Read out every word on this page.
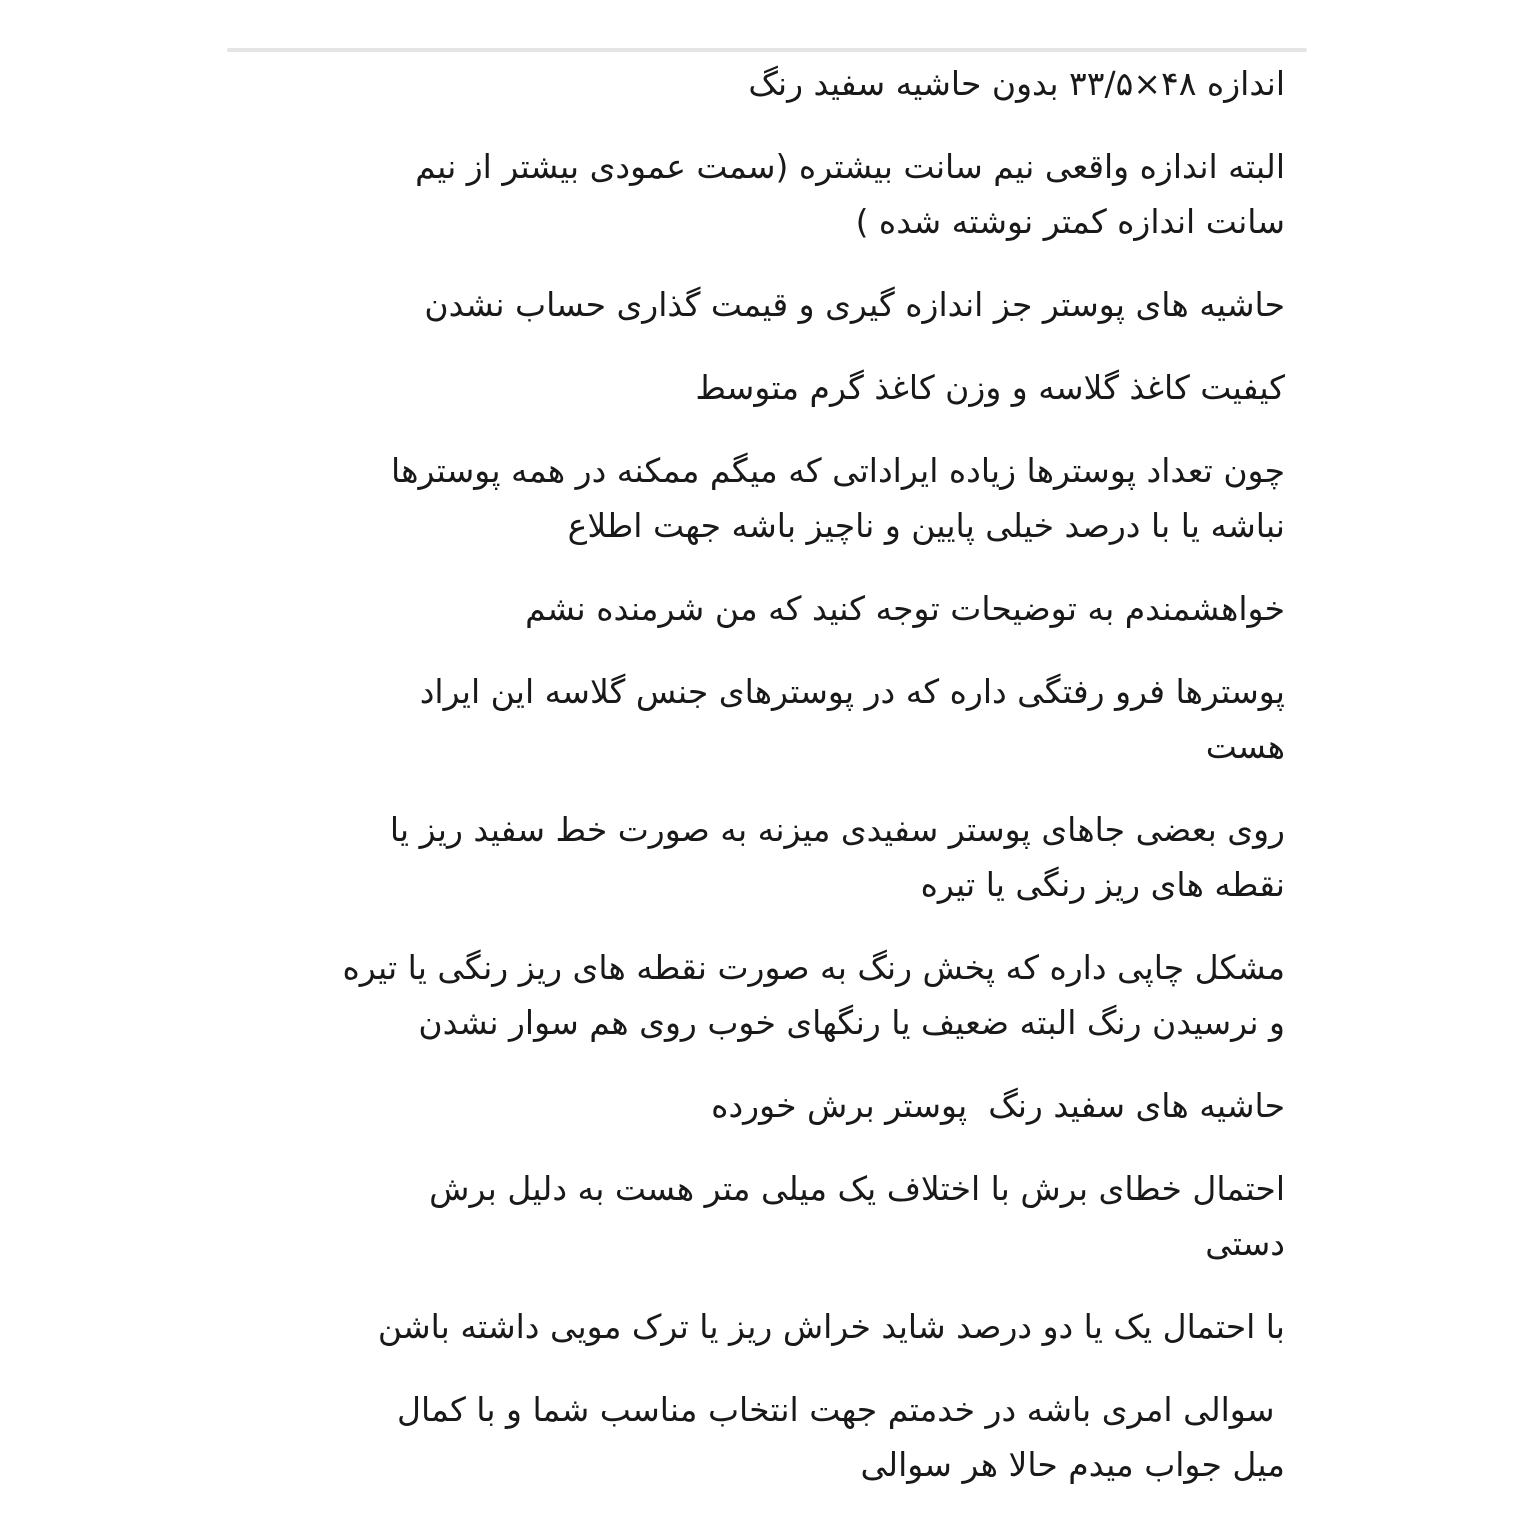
اندازه ۴۸×۳۳/۵ بدون حاشیه سفید رنگ

البته اندازه واقعی نیم سانت بیشتره (سمت عمودی بیشتر از نیم
سانت اندازه کمتر نوشته شده )

حاشیه های پوستر جز اندازه گیری و قیمت گذاری حساب نشدن

کیفیت کاغذ گلاسه و وزن کاغذ گرم متوسط

چون تعداد پوسترها زیاده ایراداتی که میگم ممکنه در همه پوسترها
نباشه یا با درصد خیلی پایین و ناچیز باشه جهت اطلاع

خواهشمندم به توضیحات توجه کنید که من شرمنده نشم

پوسترها فرو رفتگی داره که در پوسترهای جنس گلاسه این ایراد
هست

روی بعضی جاهای پوستر سفیدی میزنه به صورت خط سفید ریز یا
نقطه های ریز رنگی یا تیره

مشکل چاپی داره که پخش رنگ به صورت نقطه های ریز رنگی یا تیره
و نرسیدن رنگ البته ضعیف یا رنگهای خوب روی هم سوار نشدن

حاشیه های سفید رنگ  پوستر برش خورده

احتمال خطای برش با اختلاف یک میلی متر هست به دلیل برش
دستی

با احتمال یک یا دو درصد شاید خراش ریز یا ترک مویی داشته باشن

سوالی امری باشه در خدمتم جهت انتخاب مناسب شما و با کمال
میل جواب میدم حالا هر سوالی
